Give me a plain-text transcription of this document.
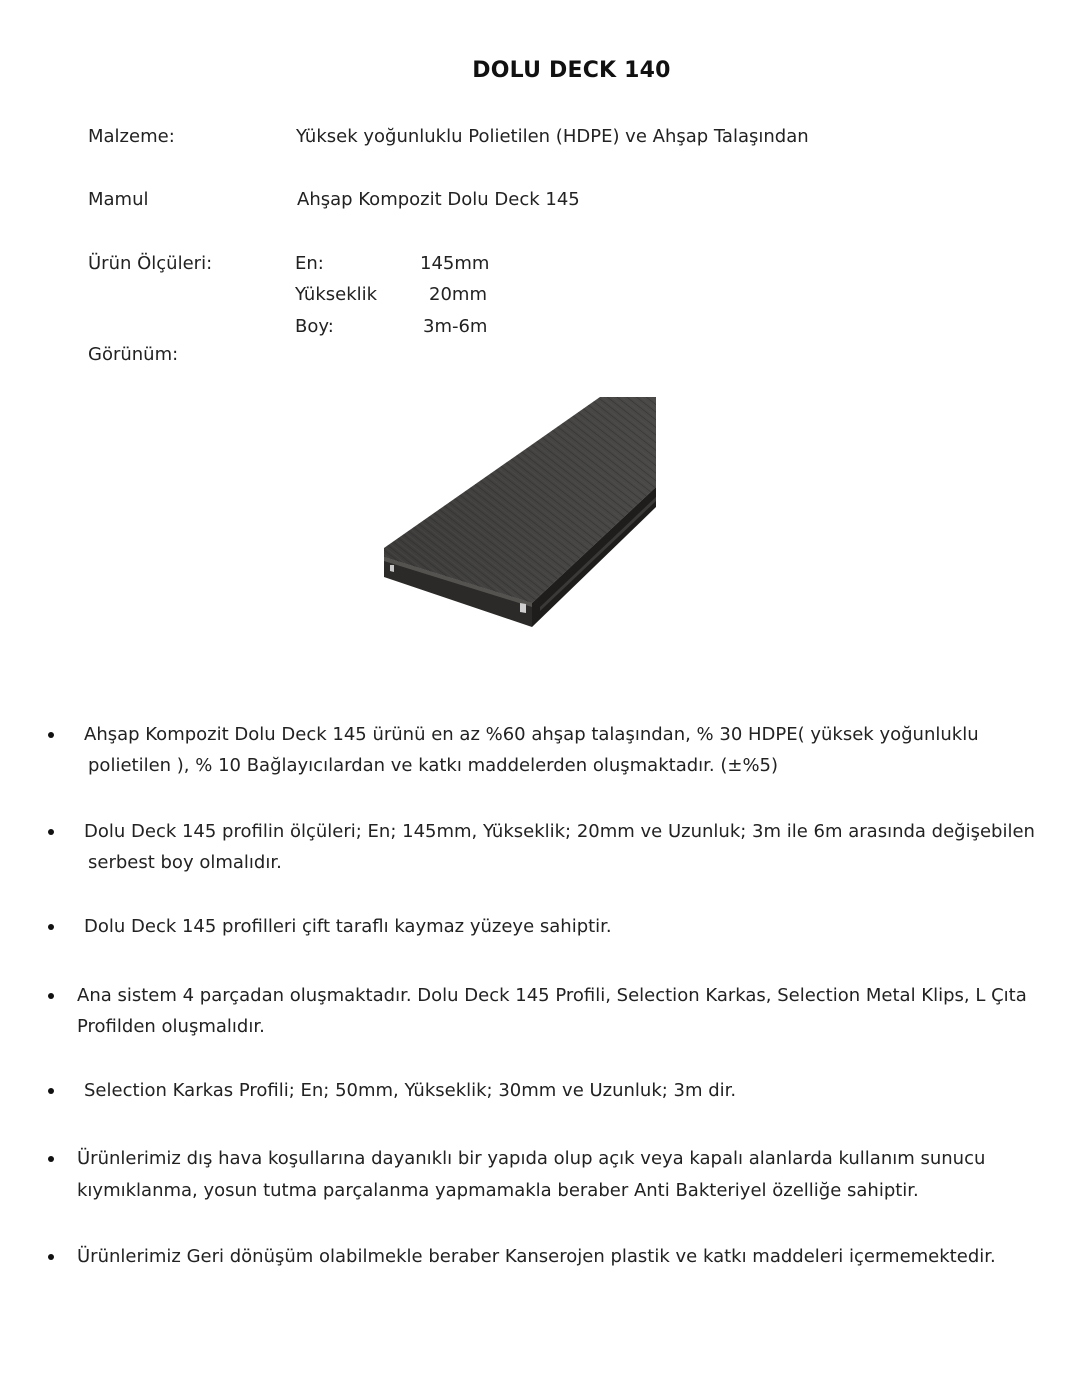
DOLU DECK 140
Malzeme:	Yüksek yoğunluklu Polietilen (HDPE) ve Ahşap Talaşından
Mamul	Ahşap Kompozit Dolu Deck 145
Ürün Ölçüleri:	En:	145mm
Yükseklik	20mm
Boy:	3m-6m
Görünüm:
Ahşap Kompozit Dolu Deck 145 ürünü en az %60 ahşap talaşından, % 30 HDPE( yüksek yoğunluklu
polietilen ), % 10 Bağlayıcılardan ve katkı maddelerden oluşmaktadır. (±%5)
Dolu Deck 145 profilin ölçüleri; En; 145mm, Yükseklik; 20mm ve Uzunluk; 3m ile 6m arasında değişebilen
serbest boy olmalıdır.
Dolu Deck 145 profilleri çift taraflı kaymaz yüzeye sahiptir.
Ana sistem 4 parçadan oluşmaktadır. Dolu Deck 145 Profili, Selection Karkas, Selection Metal Klips, L Çıta
Profilden oluşmalıdır.
Selection Karkas Profili; En; 50mm, Yükseklik; 30mm ve Uzunluk; 3m dir.
Ürünlerimiz dış hava koşullarına dayanıklı bir yapıda olup açık veya kapalı alanlarda kullanım sunucu
kıymıklanma, yosun tutma parçalanma yapmamakla beraber Anti Bakteriyel özelliğe sahiptir.
Ürünlerimiz Geri dönüşüm olabilmekle beraber Kanserojen plastik ve katkı maddeleri içermemektedir.
